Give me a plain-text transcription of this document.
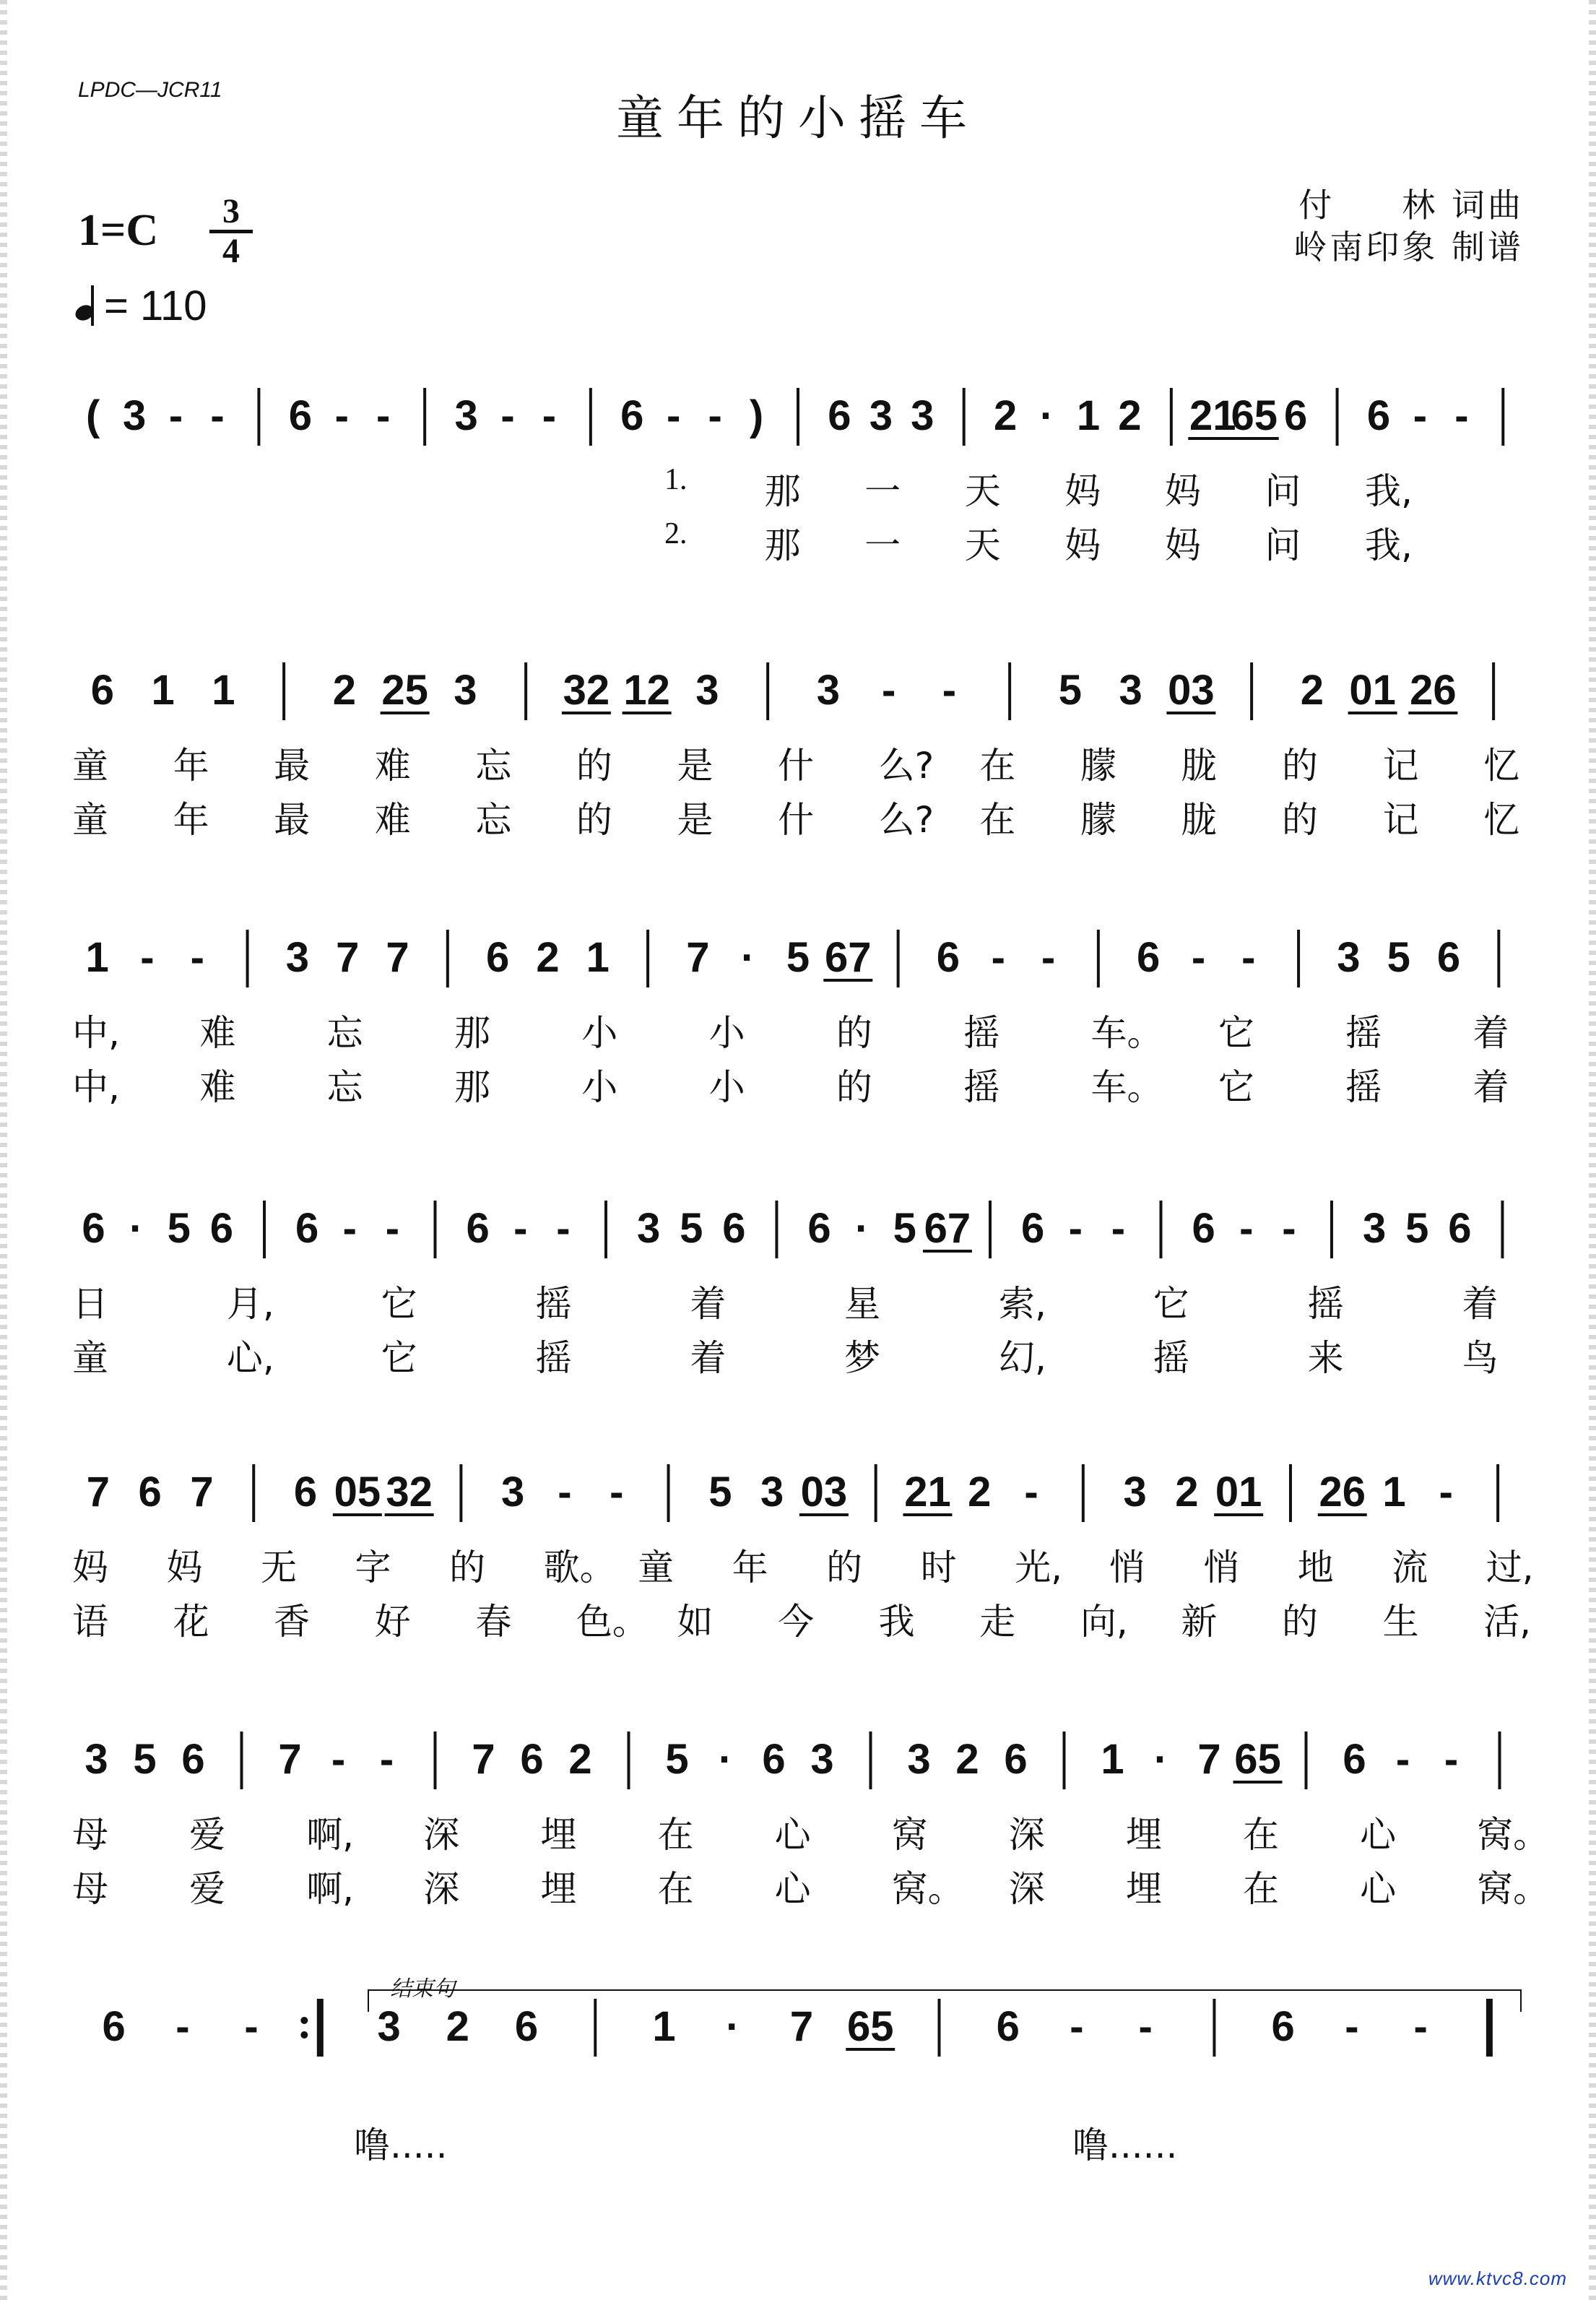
LPDC—JCR11
童年的小摇车
付     林 词曲
岭南印象 制谱
1=C	3
4
= 110
( 3 - - 6 - - 3 - - 6 - - ) 6 3 3 2 · 1 2 21
65 6 6 - -
1. 那 一 天 妈 妈 问 我,
2. 那 一 天 妈 妈 问 我,
6 1 1 2 25 3 32 12 3 3 - - 5 3 03 2 01 26
童 年 最 难 忘 的 是 什 么? 在 朦 胧 的 记 忆
童 年 最 难 忘 的 是 什 么? 在 朦 胧 的 记 忆
1 - - 3 7 7 6 2 1 7 · 5 67 6 - - 6 - - 3 5 6
中, 难	忘	那	小	小	的	摇	车。 它	摇	着
中, 难	忘	那	小	小	的	摇	车。 它	摇	着
6 · 5 6 6 - - 6 - - 3 5 6 6 · 5 67 6 - - 6 - - 3 5 6
日	月,	它	摇	着	星	索,	它	摇	着
童	心,	它	摇	着	梦	幻,	摇	来	鸟
7 6 7 6 05 32 3 - - 5 3 03 21 2 - 3 2 01 26 1 -
妈 妈 无 字 的 歌。 童 年 的 时 光, 悄 悄 地 流 过,
语 花 香 好 春 色。 如 今 我 走 向, 新 的 生 活,
3 5 6 7 - - 7 6 2 5 · 6 3 3 2 6 1 · 7 65 6 - -
母 爱 啊, 深 埋 在 心 窝 深 埋 在 心 窝。
母 爱 啊, 深 埋 在 心 窝。 深 埋 在 心 窝。
6 - -	3 2 6	1 · 7 65 6 - -	6 - -
结束句
噜.....	噜......
www.ktvc8.com
